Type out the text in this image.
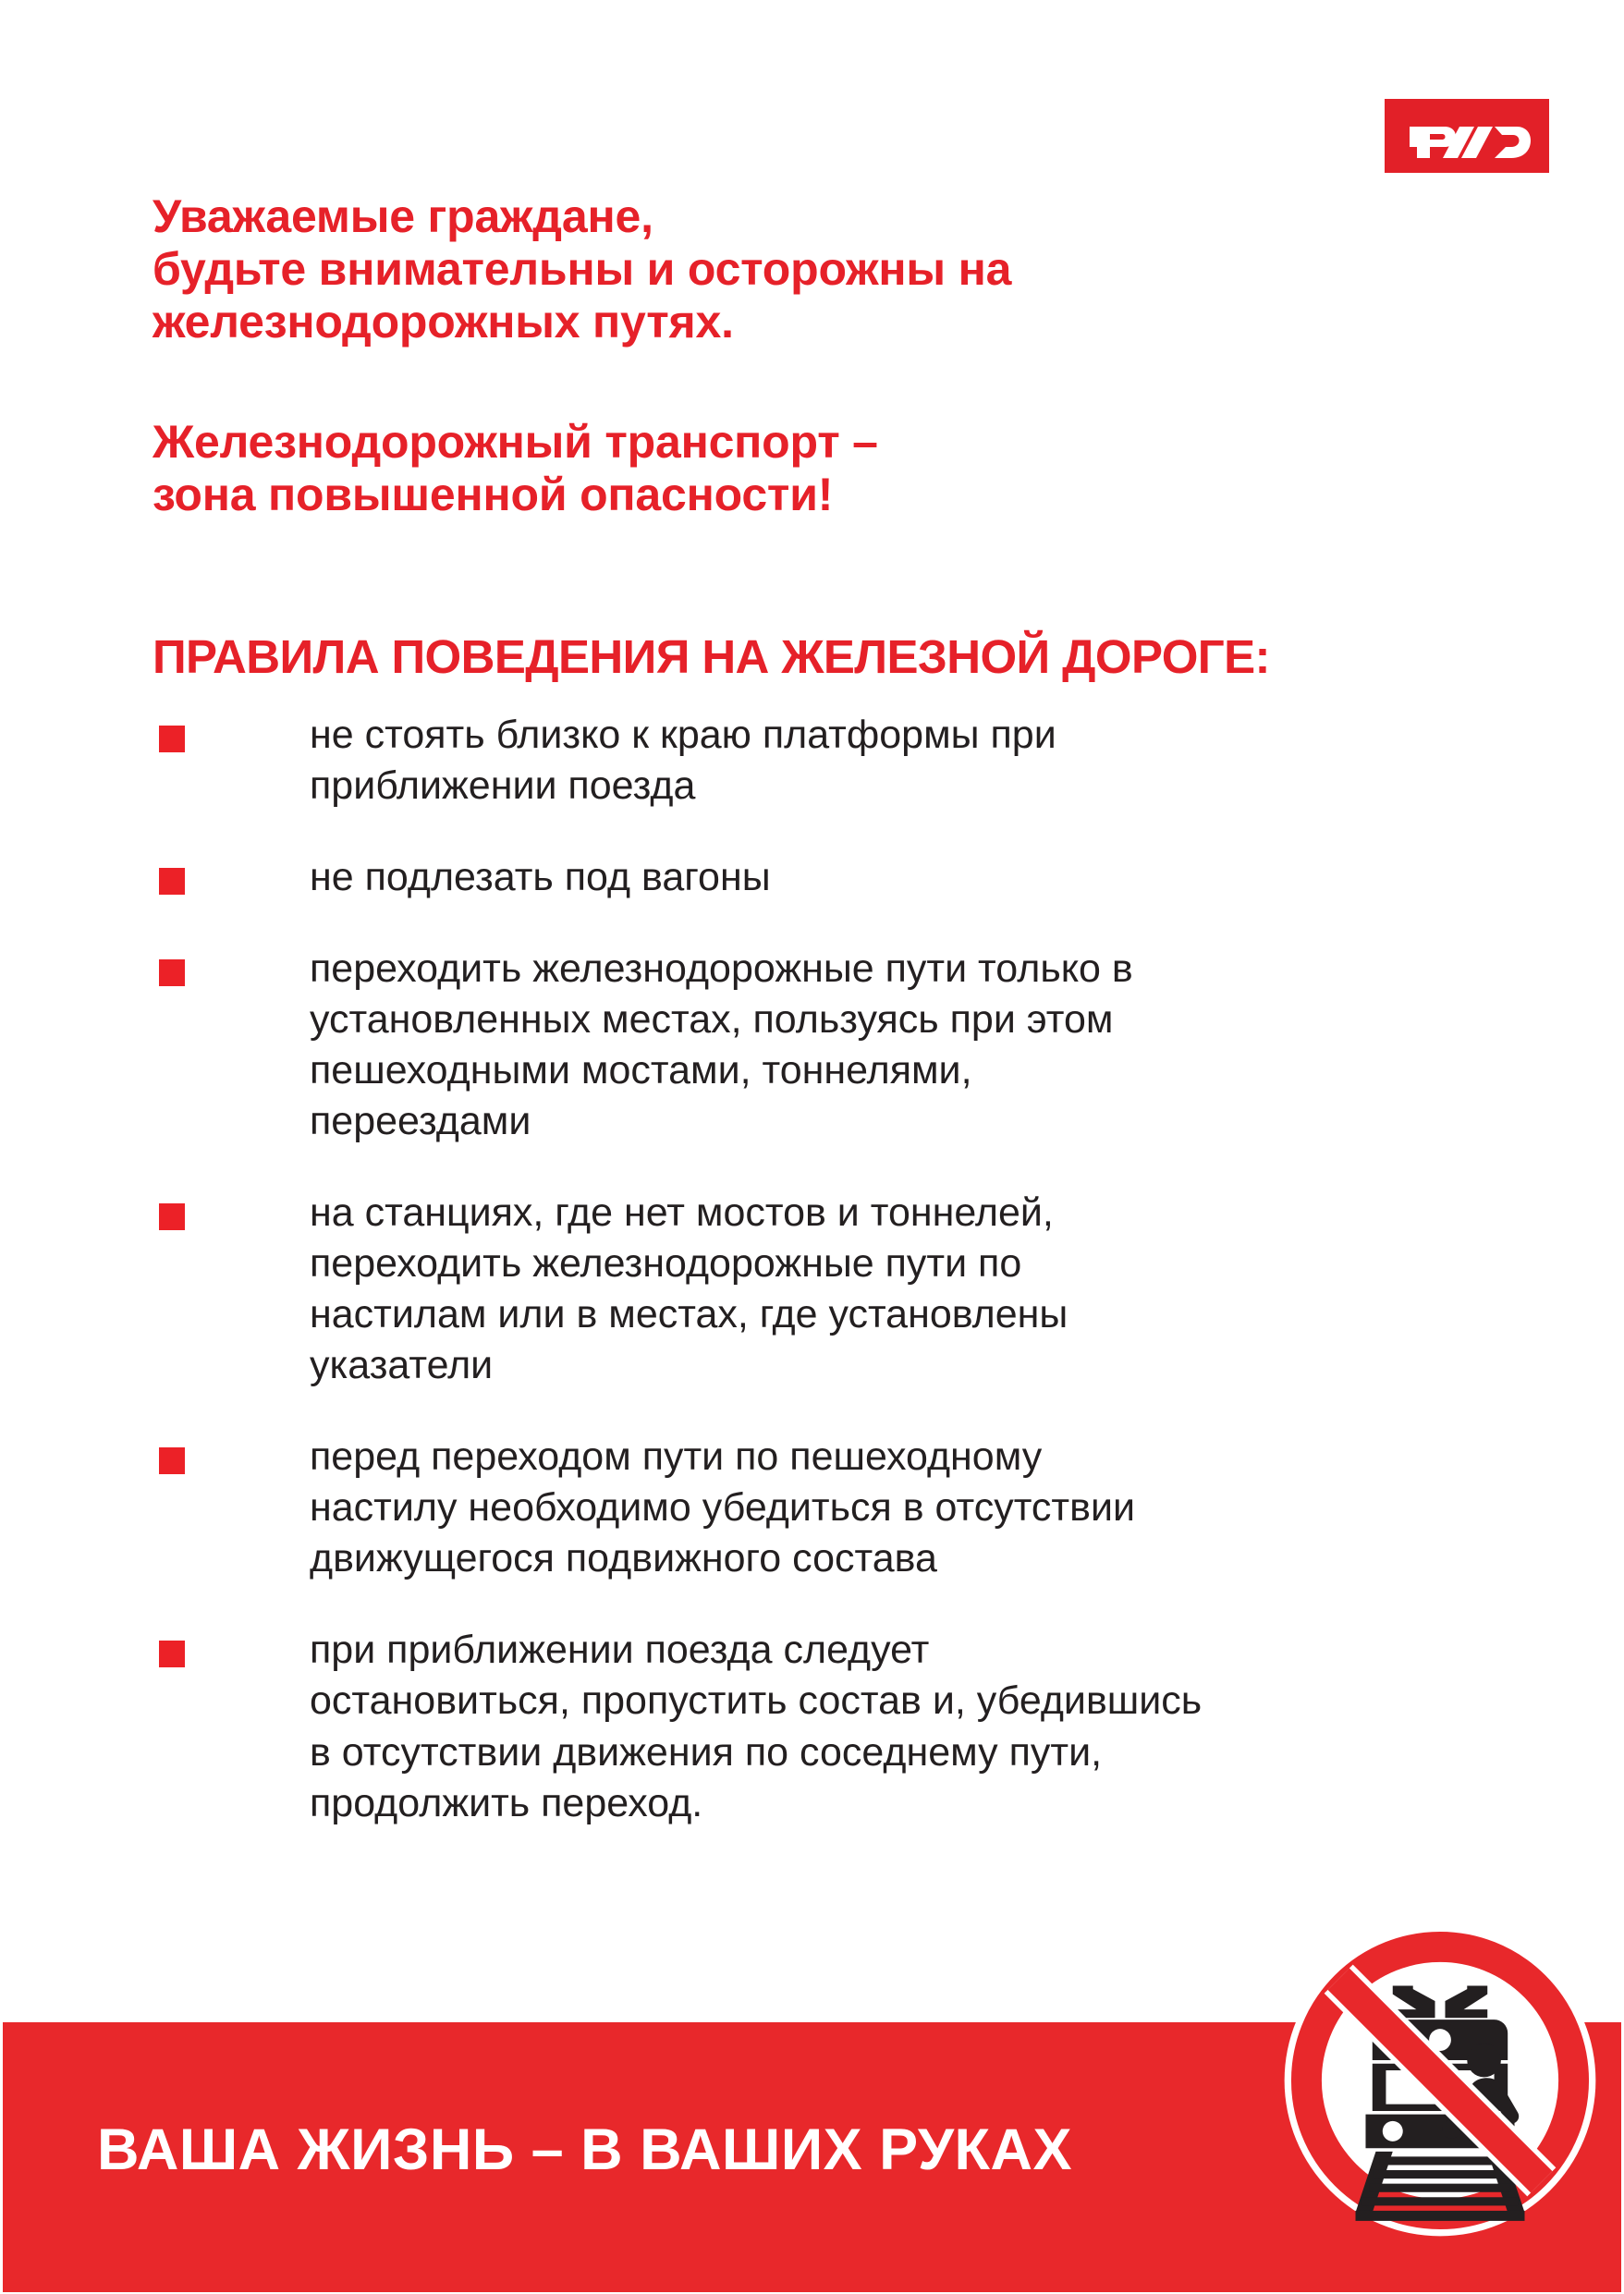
Уважаемые граждане,
будьте внимательны и осторожны на
железнодорожных путях.
Железнодорожный транспорт –
зона повышенной опасности!
ПРАВИЛА ПОВЕДЕНИЯ НА ЖЕЛЕЗНОЙ ДОРОГЕ:
не стоять близко к краю платформы при
приближении поезда
не подлезать под вагоны
переходить железнодорожные пути только в
установленных местах, пользуясь при этом
пешеходными мостами, тоннелями,
переездами
на станциях, где нет мостов и тоннелей,
переходить железнодорожные пути по
настилам или в местах, где установлены
указатели
перед переходом пути по пешеходному
настилу необходимо убедиться в отсутствии
движущегося подвижного состава
при приближении поезда следует
остановиться, пропустить состав и, убедившись
в отсутствии движения по соседнему пути,
продолжить переход.
ВАША ЖИЗНЬ – В ВАШИХ РУКАХ
